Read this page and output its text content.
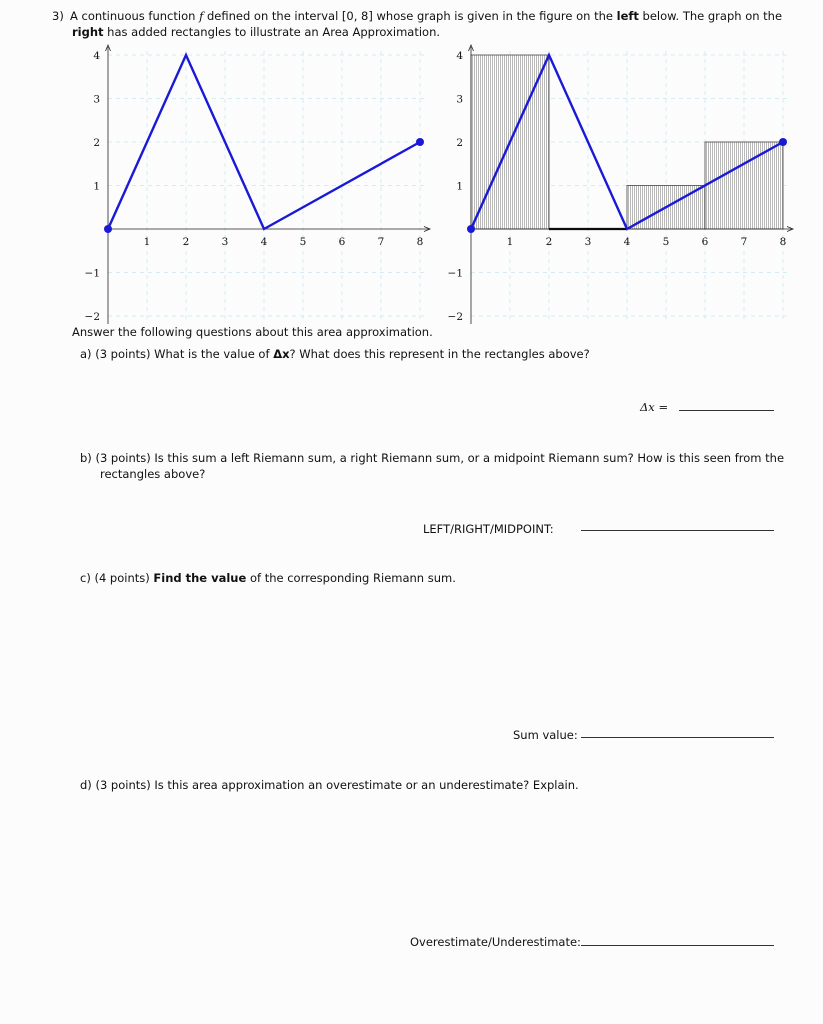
3) A continuous function f defined on the interval [0, 8] whose graph is given in the figure on the left below. The graph on the
right has added rectangles to illustrate an Area Approximation.
1	2	3	4	5	6	7	8
4
3
2
1
−1
−2
1	2	3	4	5	6	7	8
4
3
2
1
−1
−2
Answer the following questions about this area approximation.
a) (3 points) What is the value of Δx? What does this represent in the rectangles above?
Δx =
b) (3 points) Is this sum a left Riemann sum, a right Riemann sum, or a midpoint Riemann sum? How is this seen from the
rectangles above?
LEFT/RIGHT/MIDPOINT:
c) (4 points) Find the value of the corresponding Riemann sum.
Sum value:
d) (3 points) Is this area approximation an overestimate or an underestimate? Explain.
Overestimate/Underestimate:
